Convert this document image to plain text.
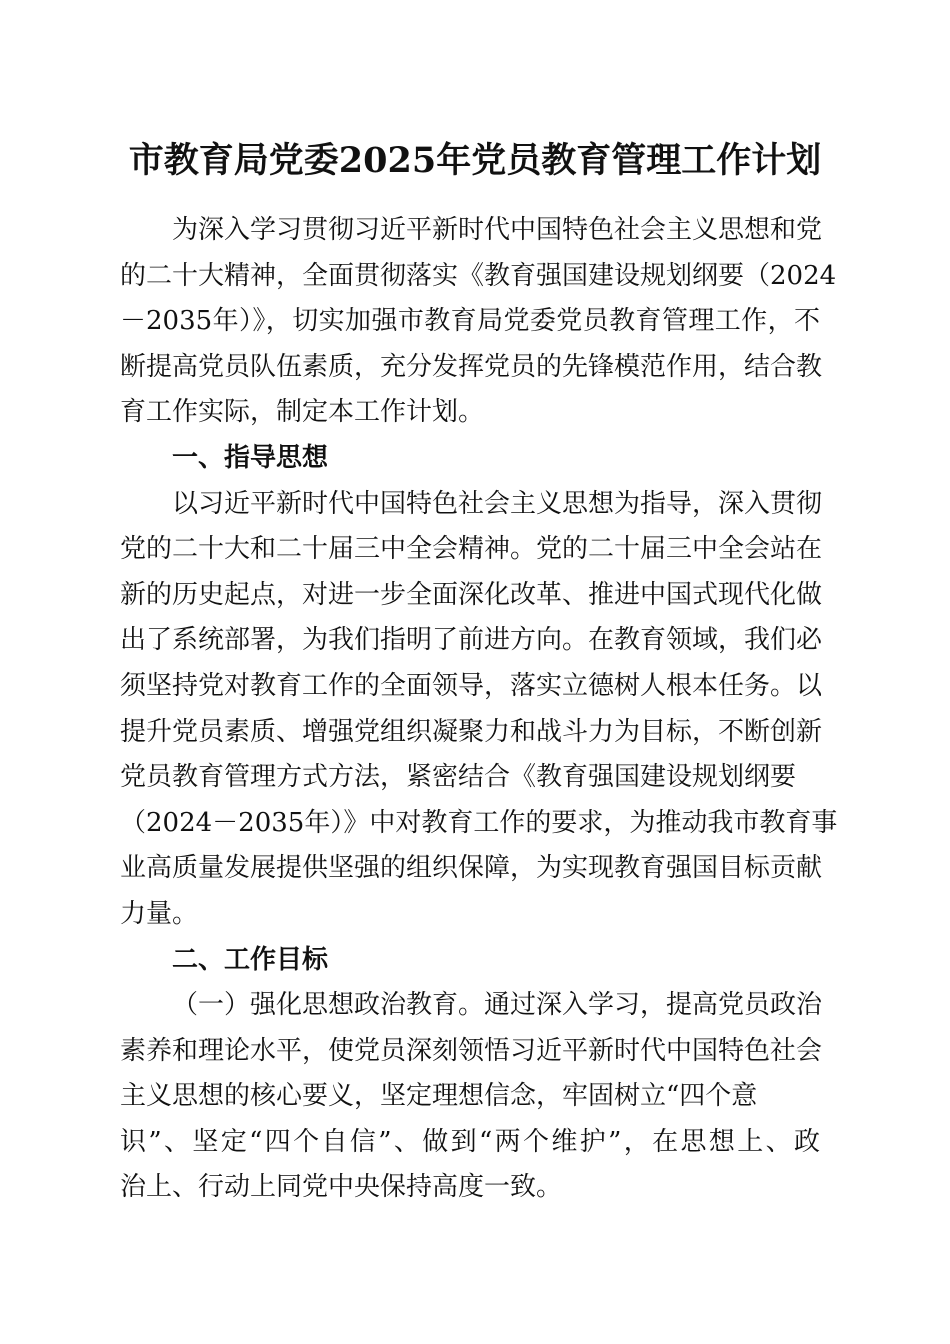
市教育局党委2025年党员教育管理工作计划
为深入学习贯彻习近平新时代中国特色社会主义思想和党
的二十大精神，全面贯彻落实《教育强国建设规划纲要（2024
－2035年）》，切实加强市教育局党委党员教育管理工作，不
断提高党员队伍素质，充分发挥党员的先锋模范作用，结合教
育工作实际，制定本工作计划。
一、指导思想
以习近平新时代中国特色社会主义思想为指导，深入贯彻
党的二十大和二十届三中全会精神。党的二十届三中全会站在
新的历史起点，对进一步全面深化改革、推进中国式现代化做
出了系统部署，为我们指明了前进方向。在教育领域，我们必
须坚持党对教育工作的全面领导，落实立德树人根本任务。以
提升党员素质、增强党组织凝聚力和战斗力为目标，不断创新
党员教育管理方式方法，紧密结合《教育强国建设规划纲要
（2024－2035年）》中对教育工作的要求，为推动我市教育事
业高质量发展提供坚强的组织保障，为实现教育强国目标贡献
力量。
二、工作目标
（一）强化思想政治教育。通过深入学习，提高党员政治
素养和理论水平，使党员深刻领悟习近平新时代中国特色社会
主义思想的核心要义，坚定理想信念，牢固树立“四个意
识”、坚定“四个自信”、做到“两个维护”，在思想上、政
治上、行动上同党中央保持高度一致。
